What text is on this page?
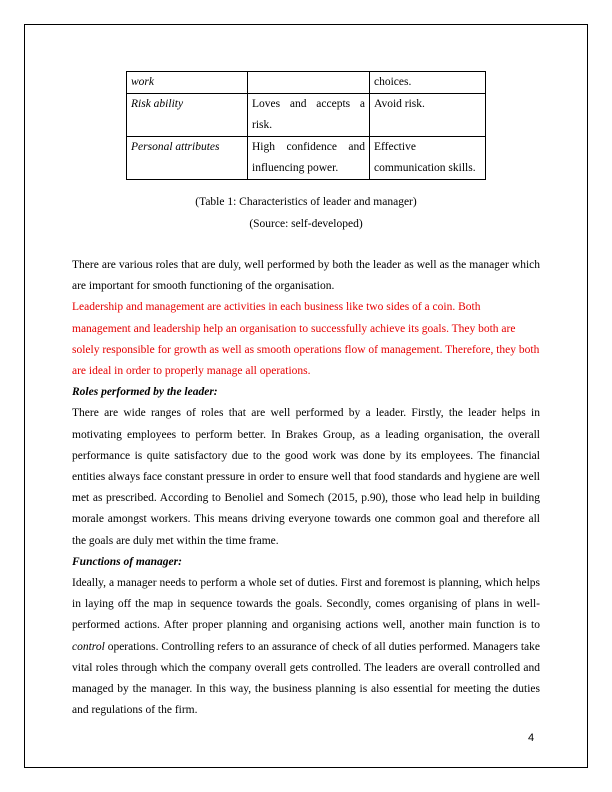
work		choices.
Risk ability	Loves and accepts a risk.	Avoid risk.
Personal attributes	High confidence and influencing power.	Effective communication skills.
(Table 1: Characteristics of leader and manager)
(Source: self-developed)

There are various roles that are duly, well performed by both the leader as well as the manager which are important for smooth functioning of the organisation.

Leadership and management are activities in each business like two sides of a coin. Both management and leadership help an organisation to successfully achieve its goals. They both are solely responsible for growth as well as smooth operations flow of management. Therefore, they both are ideal in order to properly manage all operations.

Roles performed by the leader:

There are wide ranges of roles that are well performed by a leader. Firstly, the leader helps in motivating employees to perform better. In Brakes Group, as a leading organisation, the overall performance is quite satisfactory due to the good work was done by its employees. The financial entities always face constant pressure in order to ensure well that food standards and hygiene are well met as prescribed. According to Benoliel and Somech (2015, p.90), those who lead help in building morale amongst workers. This means driving everyone towards one common goal and therefore all the goals are duly met within the time frame.

Functions of manager:

Ideally, a manager needs to perform a whole set of duties. First and foremost is planning, which helps in laying off the map in sequence towards the goals. Secondly, comes organising of plans in well-performed actions. After proper planning and organising actions well, another main function is to control operations. Controlling refers to an assurance of check of all duties performed. Managers take vital roles through which the company overall gets controlled. The leaders are overall controlled and managed by the manager. In this way, the business planning is also essential for meeting the duties and regulations of the firm.

4
